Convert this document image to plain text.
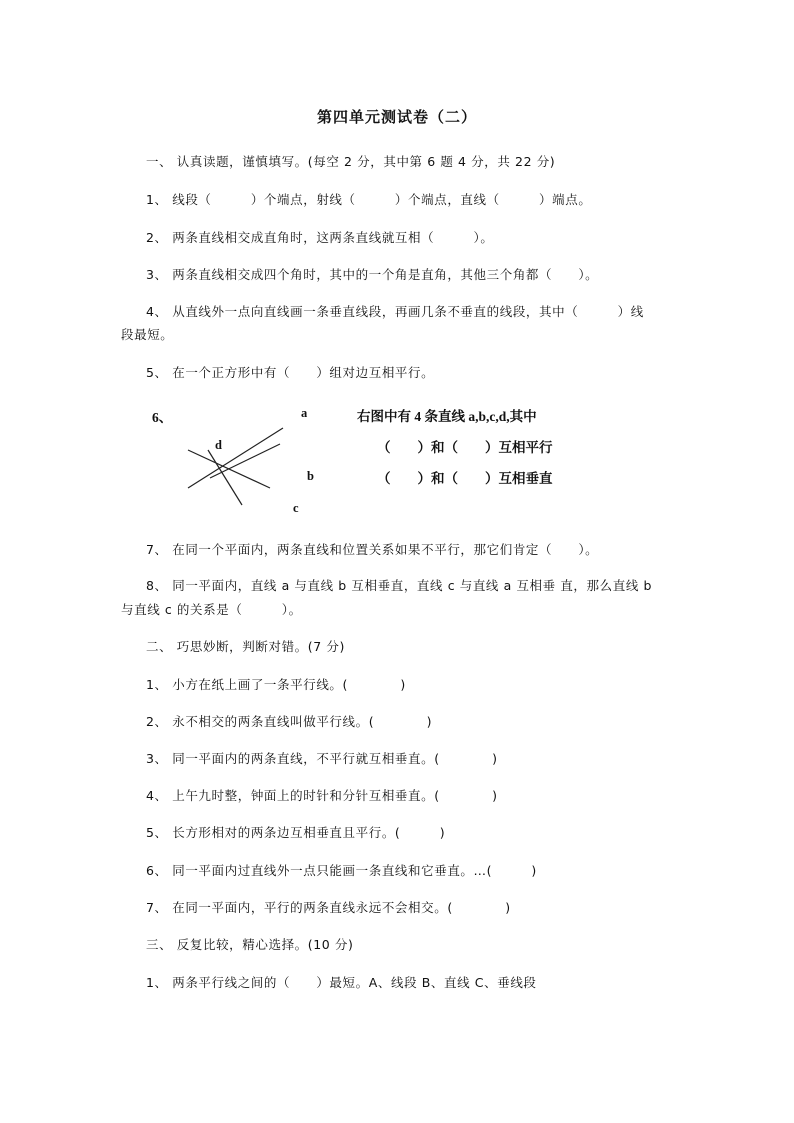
第四单元测试卷（二）
一、 认真读题，谨慎填写。(每空 2 分，其中第 6 题 4 分，共 22 分)
1、 线段（　　　）个端点，射线（　　　）个端点，直线（　　　）端点。
2、 两条直线相交成直角时，这两条直线就互相（　　　）。
3、 两条直线相交成四个角时，其中的一个角是直角，其他三个角都（　　）。
4、 从直线外一点向直线画一条垂直线段，再画几条不垂直的线段，其中（　　　）线
段最短。
5、 在一个正方形中有（　　）组对边互相平行。
6、	a
d
b
c
右图中有 4 条直线 a,b,c,d,其中
（　　）和（　　）互相平行
（　　）和（　　）互相垂直
7、 在同一个平面内，两条直线和位置关系如果不平行，那它们肯定（　　）。
8、 同一平面内，直线 a 与直线 b 互相垂直，直线 c 与直线 a 互相垂 直，那么直线 b
与直线 c 的关系是（　　　）。
二、 巧思妙断，判断对错。(7 分)
1、 小方在纸上画了一条平行线。(　　　　)
2、 永不相交的两条直线叫做平行线。(　　　　)
3、 同一平面内的两条直线，不平行就互相垂直。(　　　　)
4、 上午九时整，钟面上的时针和分针互相垂直。(　　　　)
5、 长方形相对的两条边互相垂直且平行。(　　　)
6、 同一平面内过直线外一点只能画一条直线和它垂直。…(　　　)
7、 在同一平面内，平行的两条直线永远不会相交。(　　　　)
三、 反复比较，精心选择。(10 分)
1、 两条平行线之间的（　　）最短。A、线段 B、直线 C、垂线段
